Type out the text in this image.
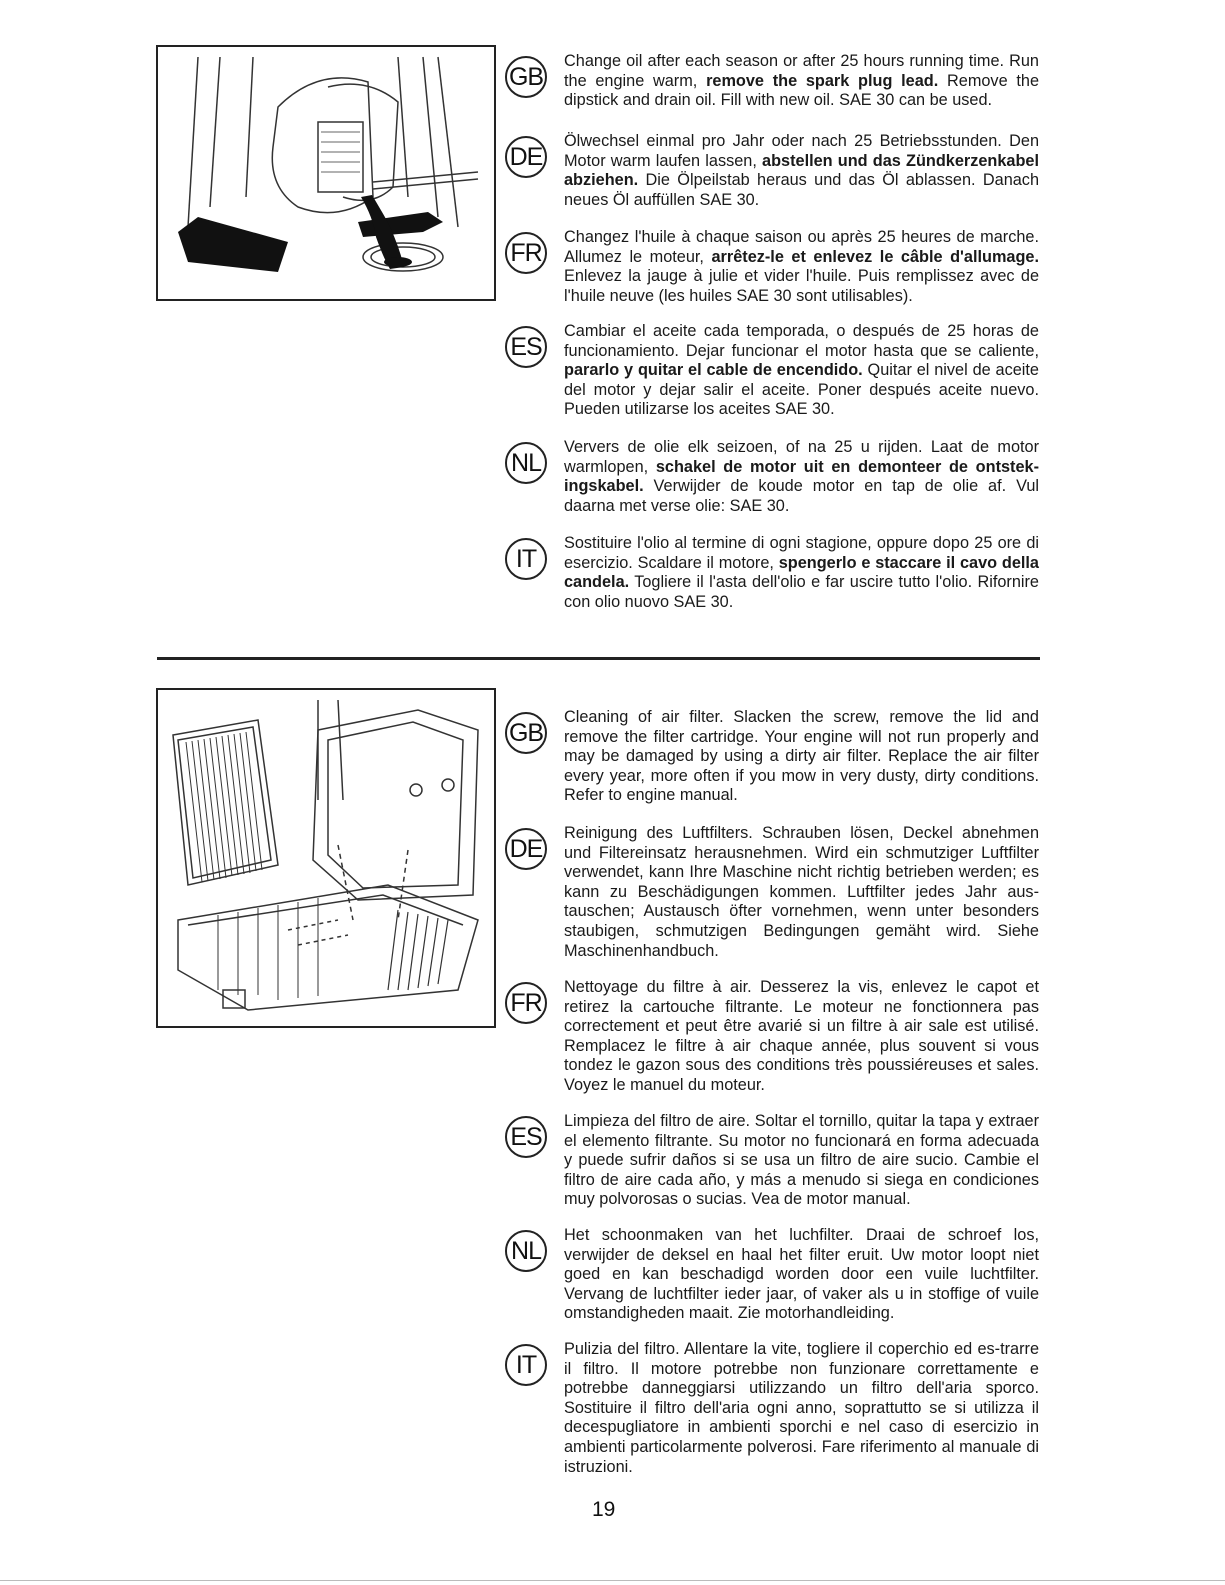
GB
Change oil after each season or after 25 hours running time. Run the engine warm, remove the spark plug lead. Remove the dipstick and drain oil. Fill with new oil. SAE 30 can be used.
DE
Ölwechsel einmal pro Jahr oder nach 25 Betriebsstunden. Den Motor warm laufen lassen, abstellen und das Zündkerzenkabel abziehen. Die Ölpeilstab heraus und das Öl ablassen. Danach neues Öl auffüllen SAE 30.
FR
Changez l'huile à chaque saison ou après 25 heures de marche. Allumez le moteur, arrêtez-le et enlevez le câble d'allumage. Enlevez la jauge à julie et vider l'huile. Puis remplissez avec de l'huile neuve (les huiles SAE 30 sont utilisables).
ES
Cambiar el aceite cada temporada, o después de 25 horas de funcionamiento. Dejar funcionar el motor hasta que se caliente, pararlo y quitar el cable de encendido. Quitar el nivel de aceite del motor y dejar salir el aceite. Poner después aceite nuevo. Pueden utilizarse los aceites SAE 30.
NL
Ververs de olie elk seizoen, of na 25 u rijden. Laat de motor warmlopen, schakel de motor uit en demonteer de ontstek-ingskabel. Verwijder de koude motor en tap de olie af. Vul daarna met verse olie: SAE 30.
IT
Sostituire l'olio al termine di ogni stagione, oppure dopo 25 ore di esercizio. Scaldare il motore, spengerlo e staccare il cavo della candela. Togliere il l'asta dell'olio e far uscire tutto l'olio. Rifornire con olio nuovo SAE 30.
GB
Cleaning of air filter. Slacken the screw, remove the lid and remove the filter cartridge. Your engine will not run properly and may be damaged by using a dirty air filter. Replace the air filter every year, more often if you mow in very dusty, dirty conditions. Refer to engine manual.
DE
Reinigung des Luftfilters. Schrauben lösen, Deckel abnehmen und Filtereinsatz herausnehmen. Wird ein schmutziger Luftfilter verwendet, kann Ihre Maschine nicht richtig betrieben werden; es kann zu Beschädigungen kommen. Luftfilter jedes Jahr aus-tauschen; Austausch öfter vornehmen, wenn unter besonders staubigen, schmutzigen Bedingungen gemäht wird. Siehe Maschinenhandbuch.
FR
Nettoyage du filtre à air. Desserez la vis, enlevez le capot et retirez la cartouche filtrante. Le moteur ne fonctionnera pas correctement et peut être avarié si un filtre à air sale est utilisé. Remplacez le filtre à air chaque année, plus souvent si vous tondez le gazon sous des conditions très poussiéreuses et sales. Voyez le manuel du moteur.
ES
Limpieza del filtro de aire. Soltar el tornillo, quitar la tapa y extraer el elemento filtrante. Su motor no funcionará en forma adecuada y puede sufrir daños si se usa un filtro de aire sucio. Cambie el filtro de aire cada año, y más a menudo si siega en condiciones muy polvorosas o sucias. Vea de motor manual.
NL
Het schoonmaken van het luchfilter. Draai de schroef los, verwijder de deksel en haal het filter eruit. Uw motor loopt niet goed en kan beschadigd worden door een vuile luchtfilter. Vervang de luchtfilter ieder jaar, of vaker als u in stoffige of vuile omstandigheden maait. Zie motorhandleiding.
IT
Pulizia del filtro. Allentare la vite, togliere il coperchio ed es-trarre il filtro. Il motore potrebbe non funzionare correttamente e potrebbe danneggiarsi utilizzando un filtro dell'aria sporco. Sostituire il filtro dell'aria ogni anno, soprattutto se si utilizza il decespugliatore in ambienti sporchi e nel caso di esercizio in ambienti particolarmente polverosi. Fare riferimento al manuale di istruzioni.
19
